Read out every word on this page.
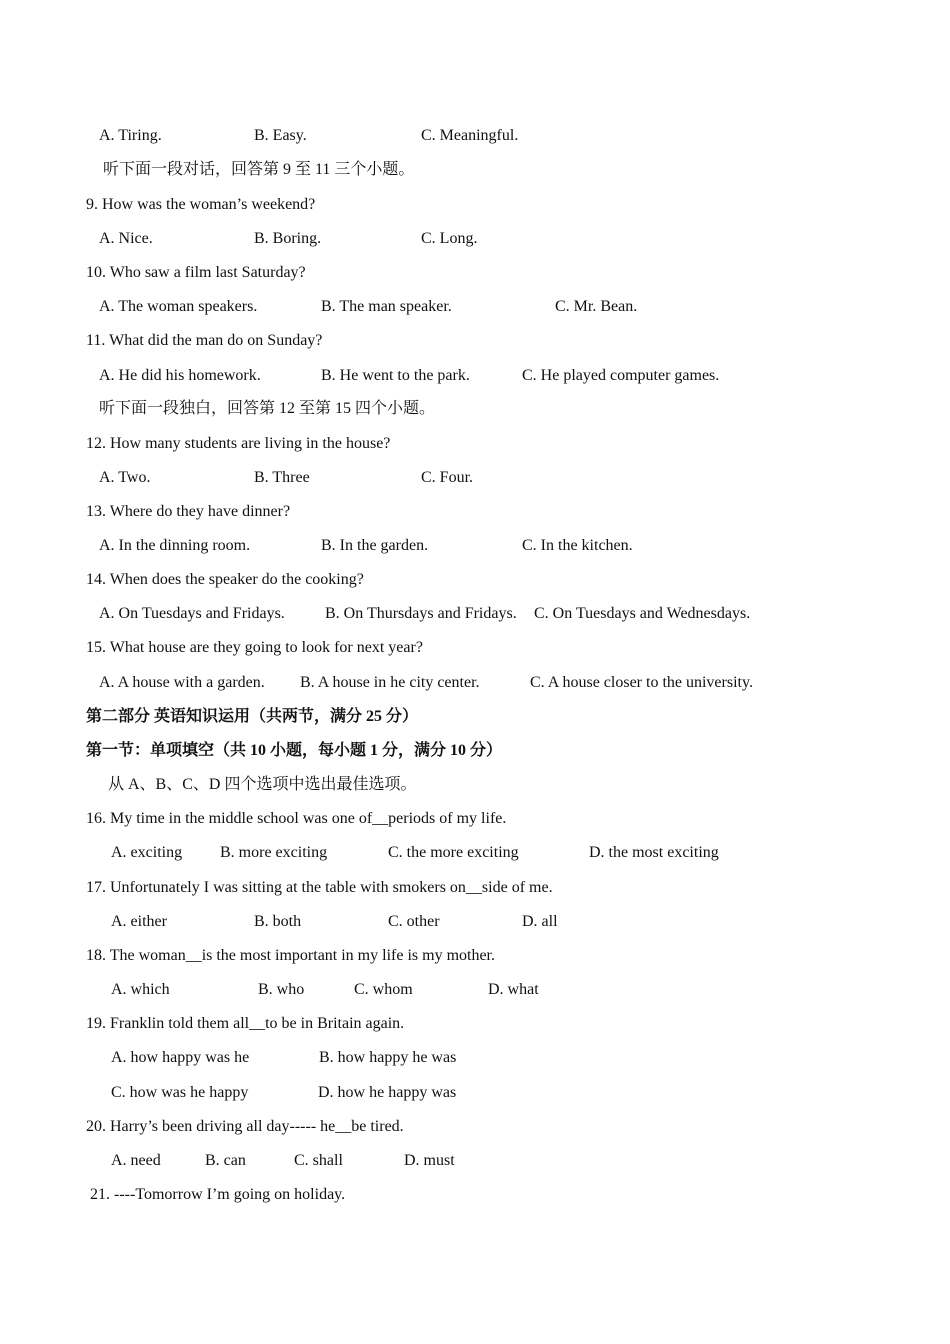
A. Tiring.	B. Easy.	C. Meaningful.
听下面一段对话，回答第 9 至 11 三个小题。
9. How was the woman’s weekend?
A. Nice.	B. Boring.	C. Long.
10. Who saw a film last Saturday?
A. The woman speakers.	B. The man speaker.	C. Mr. Bean.
11. What did the man do on Sunday?
A. He did his homework.	B. He went to the park.	C. He played computer games.
听下面一段独白，回答第 12 至第 15 四个小题。
12. How many students are living in the house?
A. Two.	B. Three	C. Four.
13. Where do they have dinner?
A. In the dinning room.	B. In the garden.	C. In the kitchen.
14. When does the speaker do the cooking?
A. On Tuesdays and Fridays.	B. On Thursdays and Fridays. C. On Tuesdays and Wednesdays.
15. What house are they going to look for next year?
A. A house with a garden. B. A house in he city center.	C. A house closer to the university.
第二部分 英语知识运用（共两节，满分 25 分）
第一节：单项填空（共 10 小题，每小题 1 分，满分 10 分）
从 A、B、C、D 四个选项中选出最佳选项。
16. My time in the middle school was one of__periods of my life.
A. exciting B. more exciting	C. the more exciting	D. the most exciting
17. Unfortunately I was sitting at the table with smokers on__side of me.
A. either	B. both	C. other	D. all
18. The woman__is the most important in my life is my mother.
A. which	B. who	C. whom	D. what
19. Franklin told them all__to be in Britain again.
A. how happy was he	B. how happy he was
C. how was he happy	D. how he happy was
20. Harry’s been driving all day----- he__be tired.
A. need	B. can	C. shall	D. must
21. ----Tomorrow I’m going on holiday.
